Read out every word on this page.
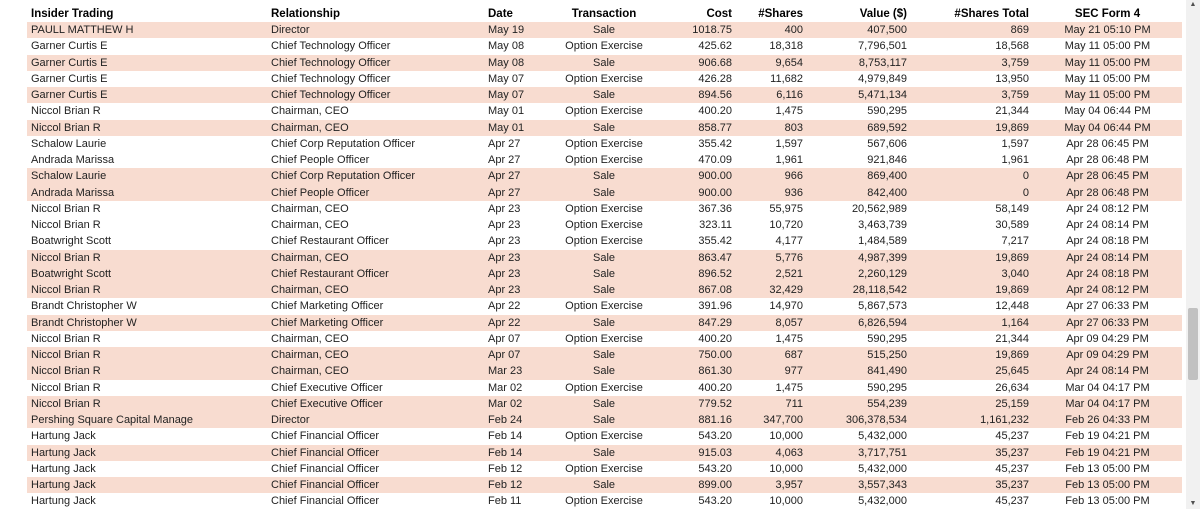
Insider Trading	Relationship	Date	Transaction	Cost	#Shares	Value ($)	#Shares Total	SEC Form 4
PAULL MATTHEW H	Director	May 19	Sale	1018.75	400	407,500	869	May 21 05:10 PM
Garner Curtis E	Chief Technology Officer	May 08	Option Exercise	425.62	18,318	7,796,501	18,568	May 11 05:00 PM
Garner Curtis E	Chief Technology Officer	May 08	Sale	906.68	9,654	8,753,117	3,759	May 11 05:00 PM
Garner Curtis E	Chief Technology Officer	May 07	Option Exercise	426.28	11,682	4,979,849	13,950	May 11 05:00 PM
Garner Curtis E	Chief Technology Officer	May 07	Sale	894.56	6,116	5,471,134	3,759	May 11 05:00 PM
Niccol Brian R	Chairman, CEO	May 01	Option Exercise	400.20	1,475	590,295	21,344	May 04 06:44 PM
Niccol Brian R	Chairman, CEO	May 01	Sale	858.77	803	689,592	19,869	May 04 06:44 PM
Schalow Laurie	Chief Corp Reputation Officer	Apr 27	Option Exercise	355.42	1,597	567,606	1,597	Apr 28 06:45 PM
Andrada Marissa	Chief People Officer	Apr 27	Option Exercise	470.09	1,961	921,846	1,961	Apr 28 06:48 PM
Schalow Laurie	Chief Corp Reputation Officer	Apr 27	Sale	900.00	966	869,400	0	Apr 28 06:45 PM
Andrada Marissa	Chief People Officer	Apr 27	Sale	900.00	936	842,400	0	Apr 28 06:48 PM
Niccol Brian R	Chairman, CEO	Apr 23	Option Exercise	367.36	55,975	20,562,989	58,149	Apr 24 08:12 PM
Niccol Brian R	Chairman, CEO	Apr 23	Option Exercise	323.11	10,720	3,463,739	30,589	Apr 24 08:14 PM
Boatwright Scott	Chief Restaurant Officer	Apr 23	Option Exercise	355.42	4,177	1,484,589	7,217	Apr 24 08:18 PM
Niccol Brian R	Chairman, CEO	Apr 23	Sale	863.47	5,776	4,987,399	19,869	Apr 24 08:14 PM
Boatwright Scott	Chief Restaurant Officer	Apr 23	Sale	896.52	2,521	2,260,129	3,040	Apr 24 08:18 PM
Niccol Brian R	Chairman, CEO	Apr 23	Sale	867.08	32,429	28,118,542	19,869	Apr 24 08:12 PM
Brandt Christopher W	Chief Marketing Officer	Apr 22	Option Exercise	391.96	14,970	5,867,573	12,448	Apr 27 06:33 PM
Brandt Christopher W	Chief Marketing Officer	Apr 22	Sale	847.29	8,057	6,826,594	1,164	Apr 27 06:33 PM
Niccol Brian R	Chairman, CEO	Apr 07	Option Exercise	400.20	1,475	590,295	21,344	Apr 09 04:29 PM
Niccol Brian R	Chairman, CEO	Apr 07	Sale	750.00	687	515,250	19,869	Apr 09 04:29 PM
Niccol Brian R	Chairman, CEO	Mar 23	Sale	861.30	977	841,490	25,645	Apr 24 08:14 PM
Niccol Brian R	Chief Executive Officer	Mar 02	Option Exercise	400.20	1,475	590,295	26,634	Mar 04 04:17 PM
Niccol Brian R	Chief Executive Officer	Mar 02	Sale	779.52	711	554,239	25,159	Mar 04 04:17 PM
Pershing Square Capital Manage	Director	Feb 24	Sale	881.16	347,700	306,378,534	1,161,232	Feb 26 04:33 PM
Hartung Jack	Chief Financial Officer	Feb 14	Option Exercise	543.20	10,000	5,432,000	45,237	Feb 19 04:21 PM
Hartung Jack	Chief Financial Officer	Feb 14	Sale	915.03	4,063	3,717,751	35,237	Feb 19 04:21 PM
Hartung Jack	Chief Financial Officer	Feb 12	Option Exercise	543.20	10,000	5,432,000	45,237	Feb 13 05:00 PM
Hartung Jack	Chief Financial Officer	Feb 12	Sale	899.00	3,957	3,557,343	35,237	Feb 13 05:00 PM
Hartung Jack	Chief Financial Officer	Feb 11	Option Exercise	543.20	10,000	5,432,000	45,237	Feb 13 05:00 PM
▲
▼
